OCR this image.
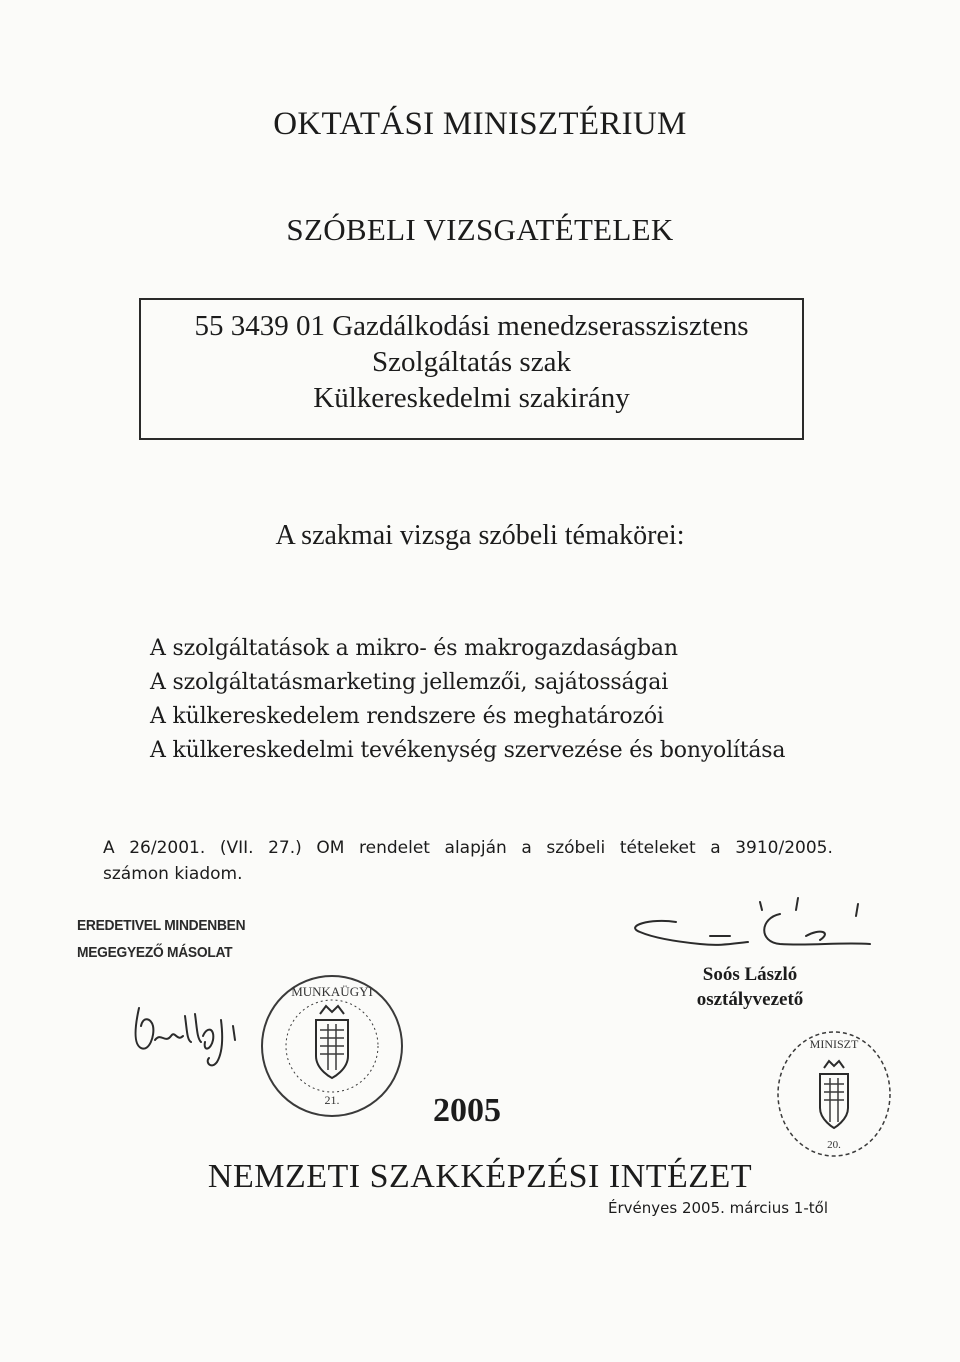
OKTATÁSI MINISZTÉRIUM
SZÓBELI VIZSGATÉTELEK
55 3439 01 Gazdálkodási menedzserasszisztens
Szolgáltatás szak
Külkereskedelmi szakirány
A szakmai vizsga szóbeli témakörei:
A szolgáltatások a mikro- és makrogazdaságban
A szolgáltatásmarketing jellemzői, sajátosságai
A külkereskedelem rendszere és meghatározói
A külkereskedelmi tevékenység szervezése és bonyolítása
A 26/2001. (VII. 27.) OM rendelet alapján a szóbeli tételeket a 3910/2005.
számon kiadom.
EREDETIVEL MINDENBEN
MEGEGYEZŐ MÁSOLAT
MUNKAÜGYI
21.
Soós László
osztályvezető
MINISZT
20.
2005
NEMZETI SZAKKÉPZÉSI INTÉZET
Érvényes 2005. március 1-től
